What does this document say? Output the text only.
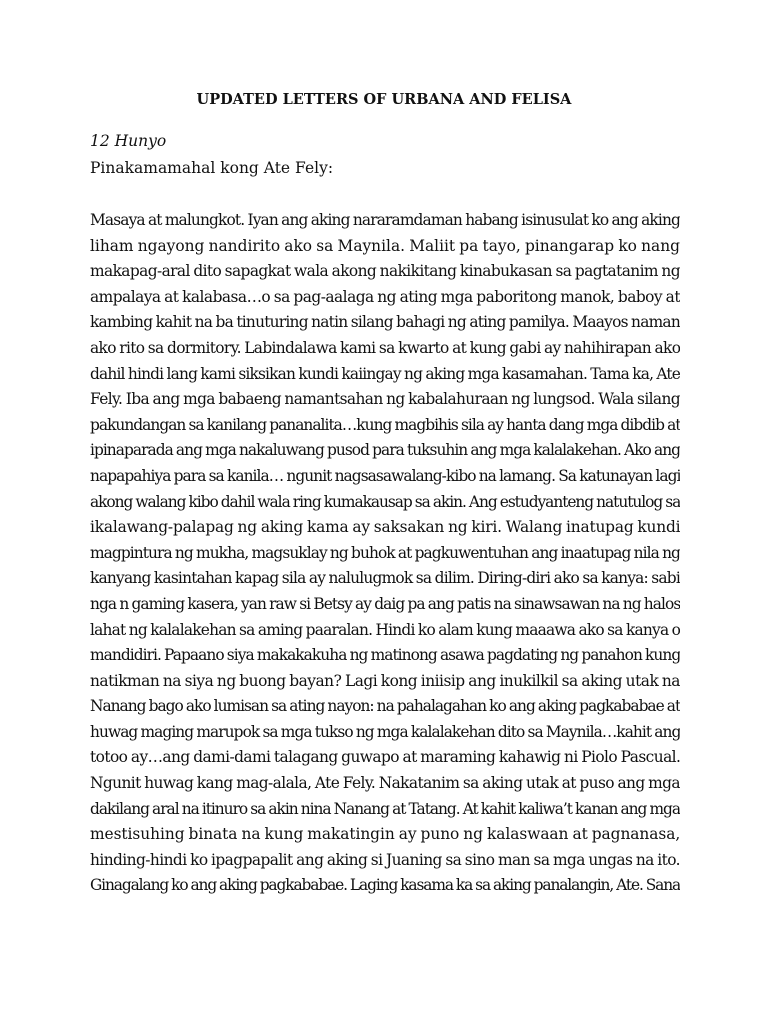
UPDATED LETTERS OF URBANA AND FELISA

12 Hunyo

Pinakamamahal kong Ate Fely:

Masaya at malungkot. Iyan ang aking nararamdaman habang isinusulat ko ang aking
liham ngayong nandirito ako sa Maynila. Maliit pa tayo, pinangarap ko nang
makapag-aral dito sapagkat wala akong nakikitang kinabukasan sa pagtatanim ng
ampalaya at kalabasa…o sa pag-aalaga ng ating mga paboritong manok, baboy at
kambing kahit na ba tinuturing natin silang bahagi ng ating pamilya. Maayos naman
ako rito sa dormitory. Labindalawa kami sa kwarto at kung gabi ay nahihirapan ako
dahil hindi lang kami siksikan kundi kaiingay ng aking mga kasamahan. Tama ka, Ate
Fely. Iba ang mga babaeng namantsahan ng kabalahuraan ng lungsod. Wala silang
pakundangan sa kanilang pananalita…kung magbihis sila ay hanta dang mga dibdib at
ipinaparada ang mga nakaluwang pusod para tuksuhin ang mga kalalakehan. Ako ang
napapahiya para sa kanila… ngunit nagsasawalang-kibo na lamang. Sa katunayan lagi
akong walang kibo dahil wala ring kumakausap sa akin. Ang estudyanteng natutulog sa
ikalawang-palapag ng aking kama ay saksakan ng kiri. Walang inatupag kundi
magpintura ng mukha, magsuklay ng buhok at pagkuwentuhan ang inaatupag nila ng
kanyang kasintahan kapag sila ay nalulugmok sa dilim. Diring-diri ako sa kanya: sabi
nga n gaming kasera, yan raw si Betsy ay daig pa ang patis na sinawsawan na ng halos
lahat ng kalalakehan sa aming paaralan. Hindi ko alam kung maaawa ako sa kanya o
mandidiri. Papaano siya makakakuha ng matinong asawa pagdating ng panahon kung
natikman na siya ng buong bayan? Lagi kong iniisip ang inukilkil sa aking utak na
Nanang bago ako lumisan sa ating nayon: na pahalagahan ko ang aking pagkababae at
huwag maging marupok sa mga tukso ng mga kalalakehan dito sa Maynila…kahit ang
totoo ay…ang dami-dami talagang guwapo at maraming kahawig ni Piolo Pascual.
Ngunit huwag kang mag-alala, Ate Fely. Nakatanim sa aking utak at puso ang mga
dakilang aral na itinuro sa akin nina Nanang at Tatang. At kahit kaliwa’t kanan ang mga
mestisuhing binata na kung makatingin ay puno ng kalaswaan at pagnanasa,
hinding-hindi ko ipagpapalit ang aking si Juaning sa sino man sa mga ungas na ito.
Ginagalang ko ang aking pagkababae. Laging kasama ka sa aking panalangin, Ate. Sana
